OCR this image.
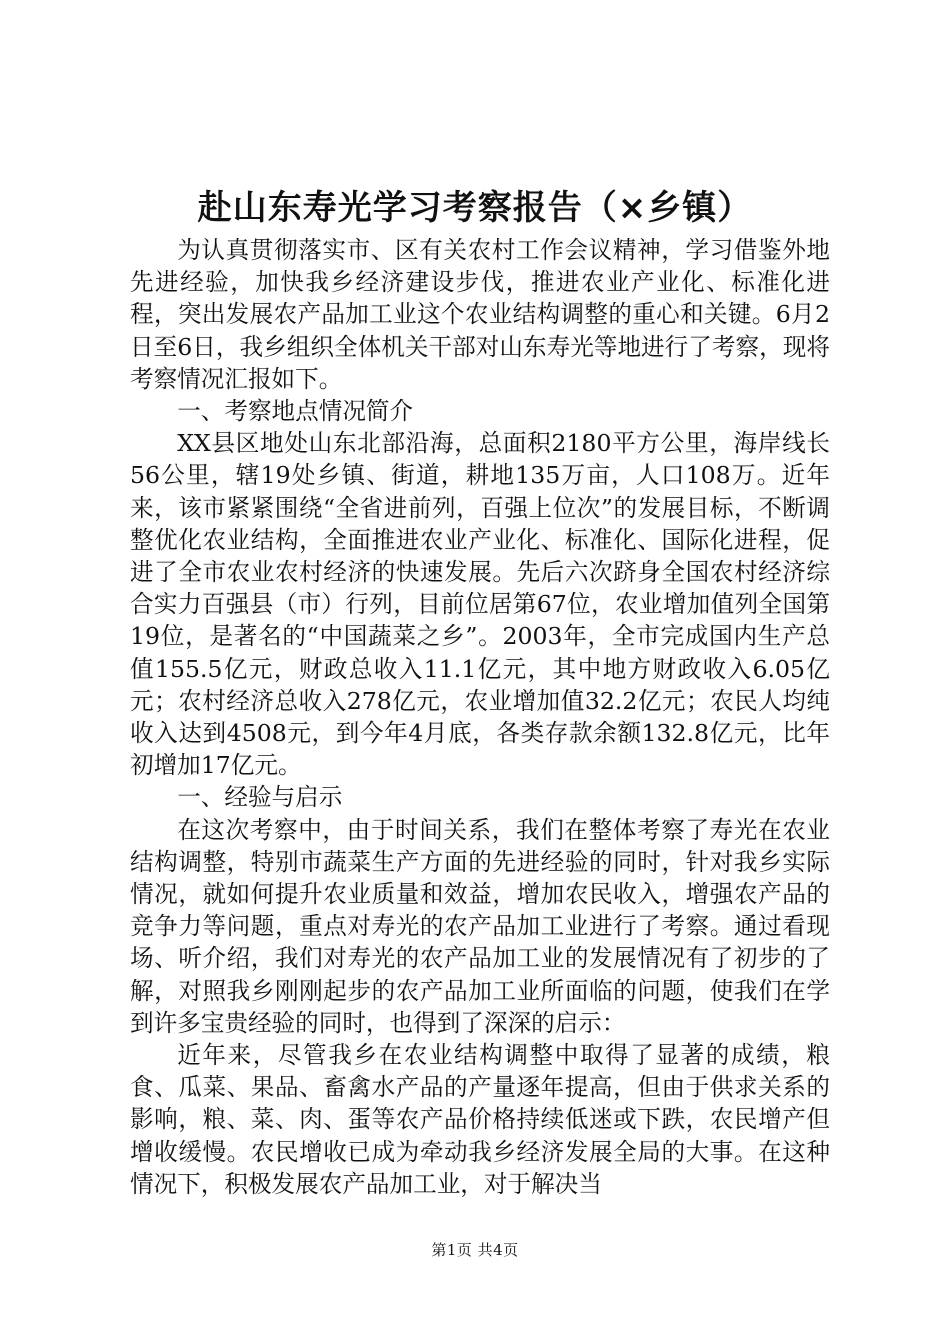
赴山东寿光学习考察报告（×乡镇）

为认真贯彻落实市、区有关农村工作会议精神，学习借鉴外地先进经验，加快我乡经济建设步伐，推进农业产业化、标准化进程，突出发展农产品加工业这个农业结构调整的重心和关键。6月2日至6日，我乡组织全体机关干部对山东寿光等地进行了考察，现将考察情况汇报如下。

一、考察地点情况简介

XX县区地处山东北部沿海，总面积2180平方公里，海岸线长56公里，辖19处乡镇、街道，耕地135万亩，人口108万。近年来，该市紧紧围绕“全省进前列，百强上位次”的发展目标，不断调整优化农业结构，全面推进农业产业化、标准化、国际化进程，促进了全市农业农村经济的快速发展。先后六次跻身全国农村经济综合实力百强县（市）行列，目前位居第67位，农业增加值列全国第19位，是著名的“中国蔬菜之乡”。2003年，全市完成国内生产总值155.5亿元，财政总收入11.1亿元，其中地方财政收入6.05亿元；农村经济总收入278亿元，农业增加值32.2亿元；农民人均纯收入达到4508元，到今年4月底，各类存款余额132.8亿元，比年初增加17亿元。

一、经验与启示

在这次考察中，由于时间关系，我们在整体考察了寿光在农业结构调整，特别市蔬菜生产方面的先进经验的同时，针对我乡实际情况，就如何提升农业质量和效益，增加农民收入，增强农产品的竞争力等问题，重点对寿光的农产品加工业进行了考察。通过看现场、听介绍，我们对寿光的农产品加工业的发展情况有了初步的了解，对照我乡刚刚起步的农产品加工业所面临的问题，使我们在学到许多宝贵经验的同时，也得到了深深的启示：

近年来，尽管我乡在农业结构调整中取得了显著的成绩，粮食、瓜菜、果品、畜禽水产品的产量逐年提高，但由于供求关系的影响，粮、菜、肉、蛋等农产品价格持续低迷或下跌，农民增产但增收缓慢。农民增收已成为牵动我乡经济发展全局的大事。在这种情况下，积极发展农产品加工业，对于解决当

第1页 共4页
